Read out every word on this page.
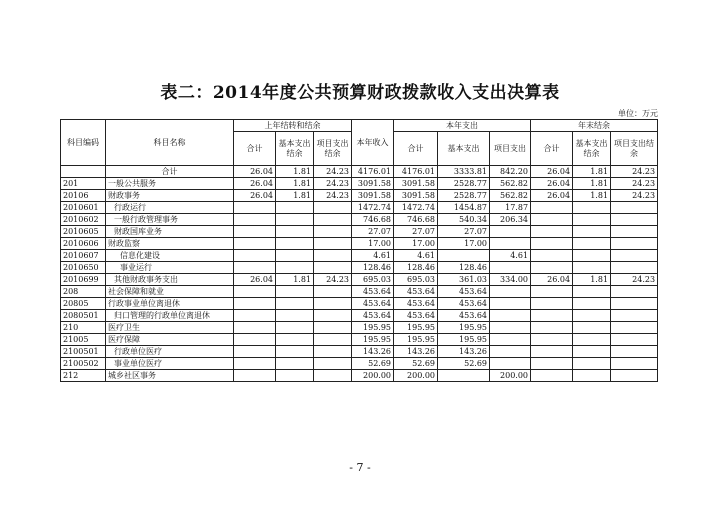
表二：2014年度公共预算财政拨款收入支出决算表
单位：万元
科目编码	科目名称	上年结转和结余			本年收入	本年支出			年末结余		
		合计	基本支出结余	项目支出结余		合计	基本支出	项目支出	合计	基本支出结余	项目支出结余
	合计	26.04	1.81	24.23	4176.01	4176.01	3333.81	842.20	26.04	1.81	24.23
201	一般公共服务	26.04	1.81	24.23	3091.58	3091.58	2528.77	562.82	26.04	1.81	24.23
20106	财政事务	26.04	1.81	24.23	3091.58	3091.58	2528.77	562.82	26.04	1.81	24.23
2010601	行政运行				1472.74	1472.74	1454.87	17.87			
2010602	一般行政管理事务				746.68	746.68	540.34	206.34			
2010605	财政国库业务				27.07	27.07	27.07				
2010606	财政监察				17.00	17.00	17.00				
2010607	信息化建设				4.61	4.61		4.61			
2010650	事业运行				128.46	128.46	128.46				
2010699	其他财政事务支出	26.04	1.81	24.23	695.03	695.03	361.03	334.00	26.04	1.81	24.23
208	社会保障和就业				453.64	453.64	453.64				
20805	行政事业单位离退休				453.64	453.64	453.64				
2080501	归口管理的行政单位离退休				453.64	453.64	453.64				
210	医疗卫生				195.95	195.95	195.95				
21005	医疗保障				195.95	195.95	195.95				
2100501	行政单位医疗				143.26	143.26	143.26				
2100502	事业单位医疗				52.69	52.69	52.69				
212	城乡社区事务				200.00	200.00		200.00			
- 7 -
